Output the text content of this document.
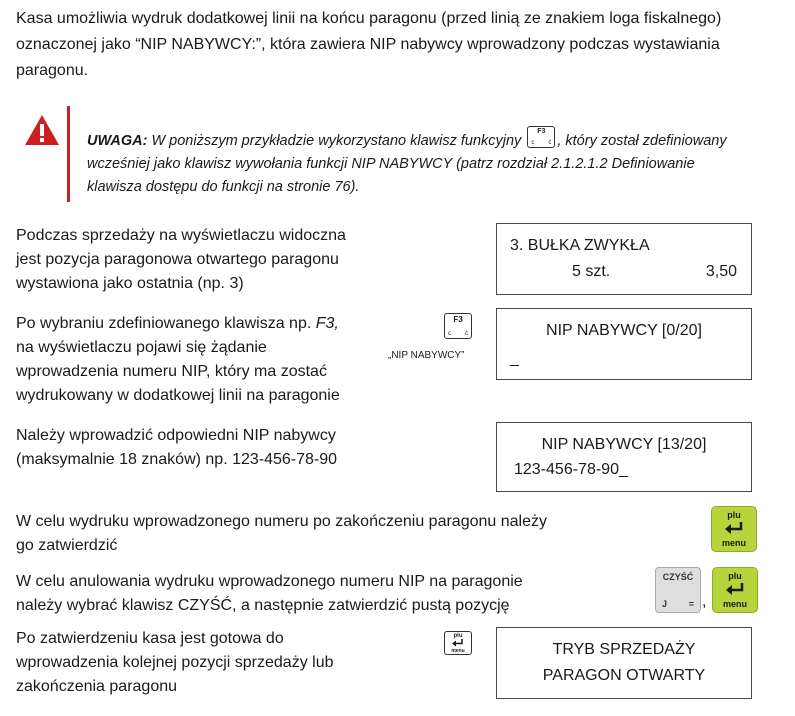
Kasa umożliwia wydruk dodatkowej linii na końcu paragonu (przed linią ze znakiem loga fiskalnego)
oznaczonej jako “NIP NABYWCY:”, która zawiera NIP nabywcy wprowadzony podczas wystawiania
paragonu.
UWAGA: W poniższym przykładzie wykorzystano klawisz funkcyjny
F3
c ć , który został zdefiniowany
wcześniej jako klawisz wywołania funkcji NIP NABYWCY (patrz rozdział 2.1.2.1.2 Definiowanie
klawisza dostępu do funkcji na stronie 76).
Podczas sprzedaży na wyświetlaczu widoczna
jest pozycja paragonowa otwartego paragonu
wystawiona jako ostatnia (np. 3)
3. BUŁKA ZWYKŁA
5 szt.	3,50
Po wybraniu zdefiniowanego klawisza np. F3,
na wyświetlaczu pojawi się żądanie
wprowadzenia numeru NIP, który ma zostać
wydrukowany w dodatkowej linii na paragonie
F3
c ć
„NIP NABYWCY”
NIP NABYWCY [0/20]
_
Należy wprowadzić odpowiedni NIP nabywcy
(maksymalnie 18 znaków) np. 123-456-78-90
NIP NABYWCY [13/20]
123-456-78-90_
W celu wydruku wprowadzonego numeru po zakończeniu paragonu należy
go zatwierdzić
plu
menu
W celu anulowania wydruku wprowadzonego numeru NIP na paragonie
należy wybrać klawisz CZYŚĆ, a następnie zatwierdzić pustą pozycję
CZYŚĆ
J = ,
plu
menu
Po zatwierdzeniu kasa jest gotowa do
wprowadzenia kolejnej pozycji sprzedaży lub
zakończenia paragonu
plu
menu	TRYB SPRZEDAŻY
PARAGON OTWARTY
